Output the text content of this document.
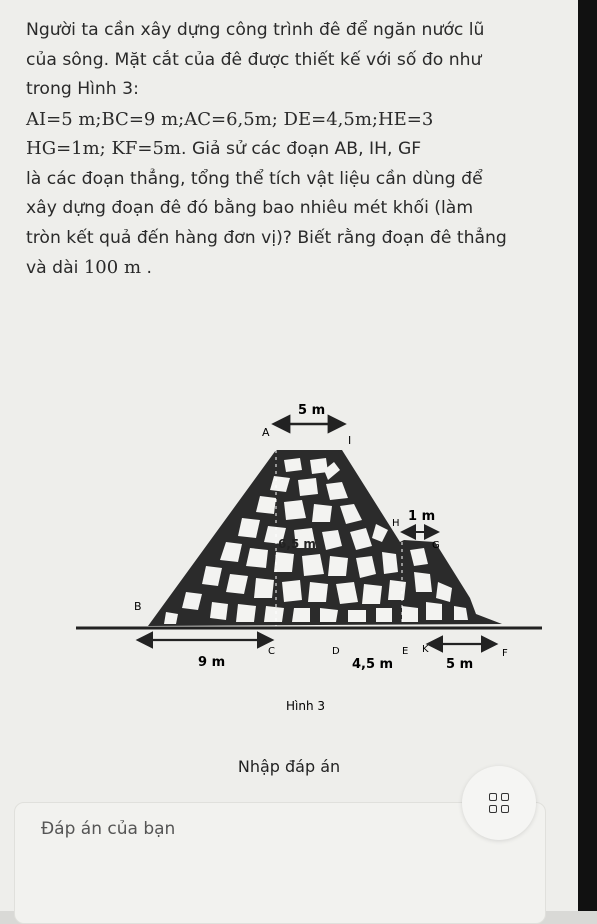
Người ta cần xây dựng công trình đê để ngăn nước lũ

của sông. Mặt cắt của đê được thiết kế với số đo như

trong Hình 3:

AI=5 m;BC=9 m;AC=6,5m; DE=4,5m;HE=3

HG=1m; KF=5m. Giả sử các đoạn AB, IH, GF

là các đoạn thẳng, tổng thể tích vật liệu cần dùng để

xây dựng đoạn đê đó bằng bao nhiêu mét khối (làm

tròn kết quả đến hàng đơn vị)? Biết rằng đoạn đê thẳng

và dài 100 m .

5 m
A
I
1 m
H
G
6,5 m
B
9 m
C	D
4,5 m
E K
5 m
F
Hình 3
Nhập đáp án
Đáp án của bạn
